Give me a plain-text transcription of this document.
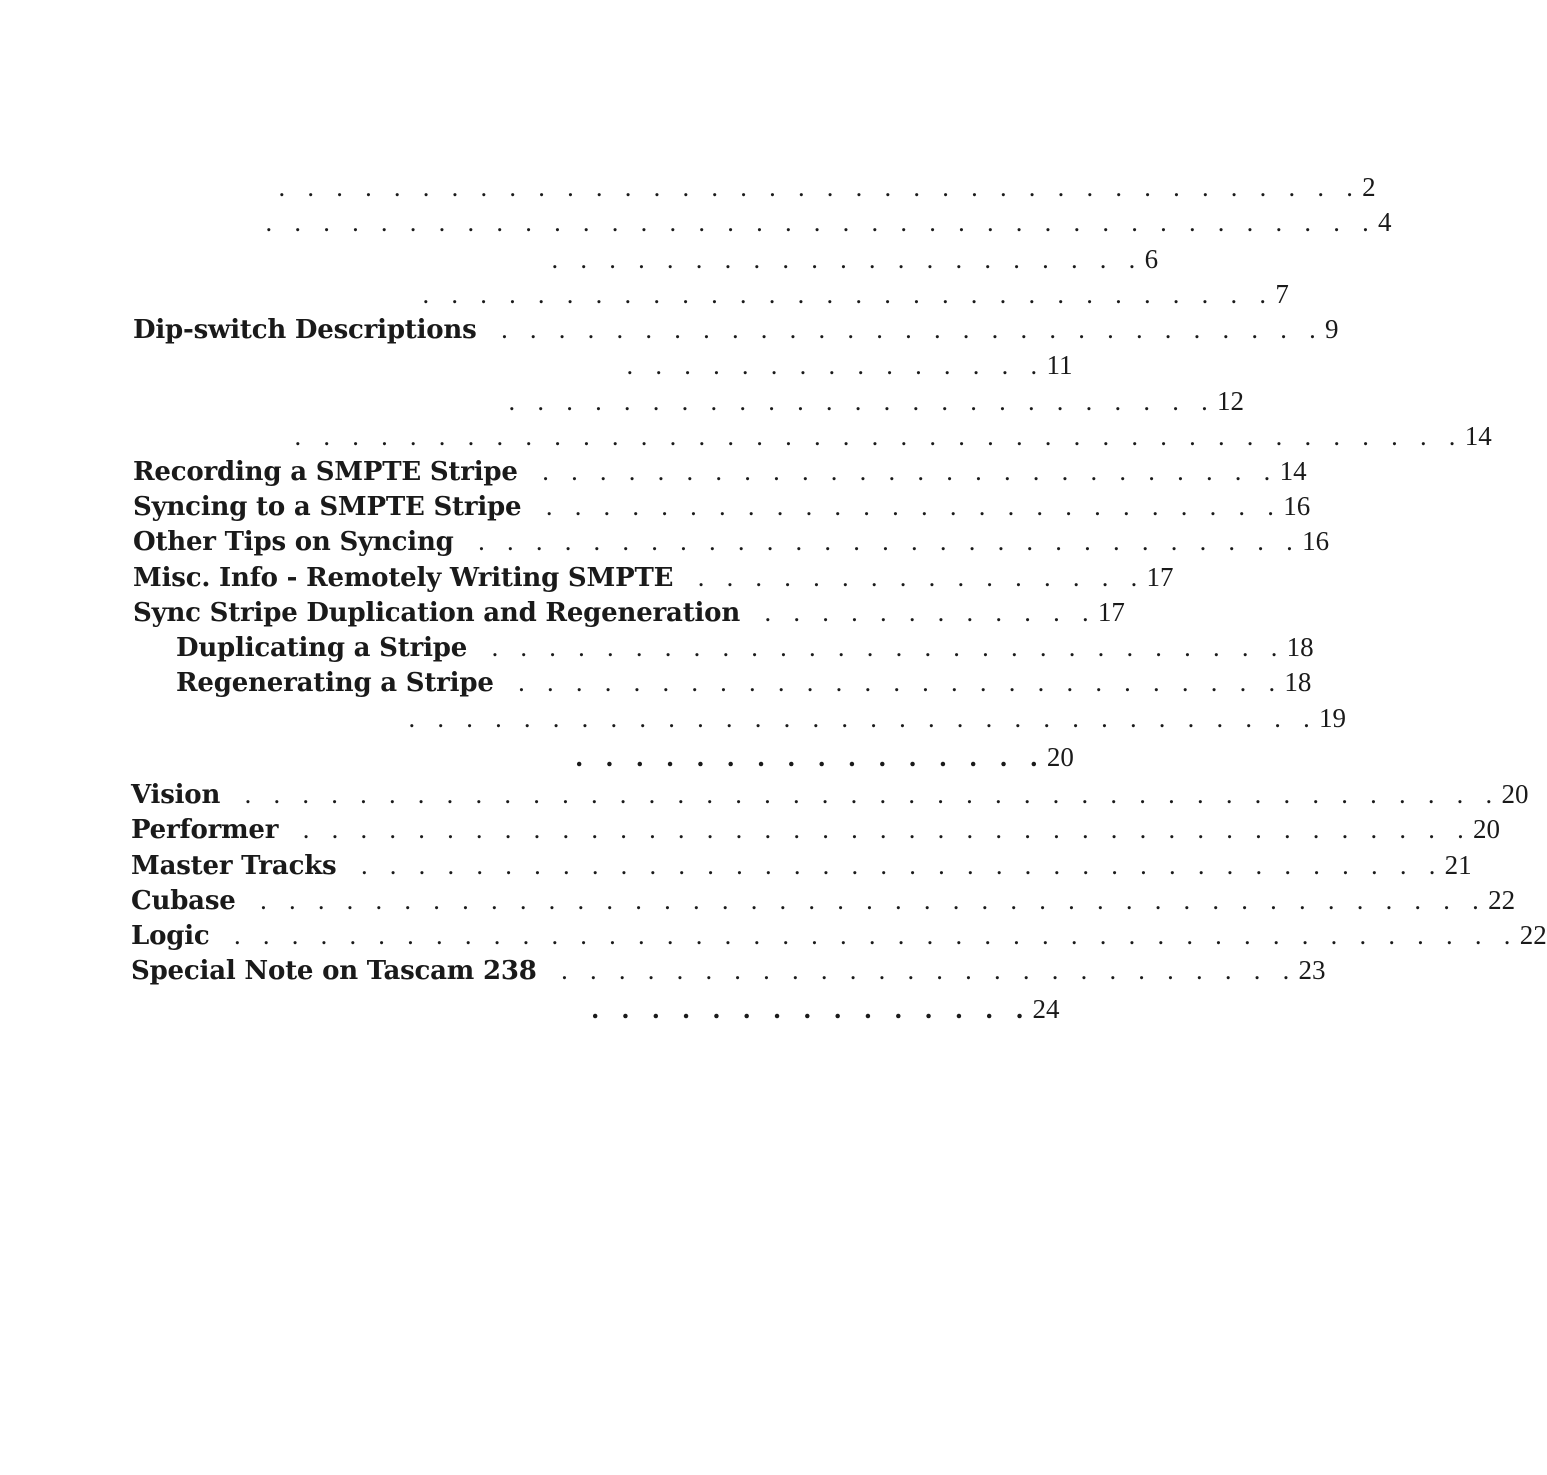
. . . . . . . . . . . . . . . . . . . . . . . . . . . . . . . . . . . . . . 2
. . . . . . . . . . . . . . . . . . . . . . . . . . . . . . . . . . . . . . . 4
. . . . . . . . . . . . . . . . . . . . . 6
. . . . . . . . . . . . . . . . . . . . . . . . . . . . . . 7
Dip-switch Descriptions . . . . . . . . . . . . . . . . . . . . . . . . . . . . . 9
. . . . . . . . . . . . . . . 11
. . . . . . . . . . . . . . . . . . . . . . . . . 12
. . . . . . . . . . . . . . . . . . . . . . . . . . . . . . . . . . . . . . . . . 14
Recording a SMPTE Stripe . . . . . . . . . . . . . . . . . . . . . . . . . . 14
Syncing to a SMPTE Stripe . . . . . . . . . . . . . . . . . . . . . . . . . . 16
Other Tips on Syncing . . . . . . . . . . . . . . . . . . . . . . . . . . . . . 16
Misc. Info - Remotely Writing SMPTE . . . . . . . . . . . . . . . . 17
Sync Stripe Duplication and Regeneration . . . . . . . . . . . . 17
Duplicating a Stripe . . . . . . . . . . . . . . . . . . . . . . . . . . . . 18
Regenerating a Stripe . . . . . . . . . . . . . . . . . . . . . . . . . . . 18
. . . . . . . . . . . . . . . . . . . . . . . . . . . . . . . . 19
. . . . . . . . . . . . . . . . 20
Vision . . . . . . . . . . . . . . . . . . . . . . . . . . . . . . . . . . . . . . . . . . . . 20
Performer . . . . . . . . . . . . . . . . . . . . . . . . . . . . . . . . . . . . . . . . . 20
Master Tracks . . . . . . . . . . . . . . . . . . . . . . . . . . . . . . . . . . . . . . 21
Cubase . . . . . . . . . . . . . . . . . . . . . . . . . . . . . . . . . . . . . . . . . . . 22
Logic . . . . . . . . . . . . . . . . . . . . . . . . . . . . . . . . . . . . . . . . . . . . . 22
Special Note on Tascam 238 . . . . . . . . . . . . . . . . . . . . . . . . . . 23
. . . . . . . . . . . . . . . 24
